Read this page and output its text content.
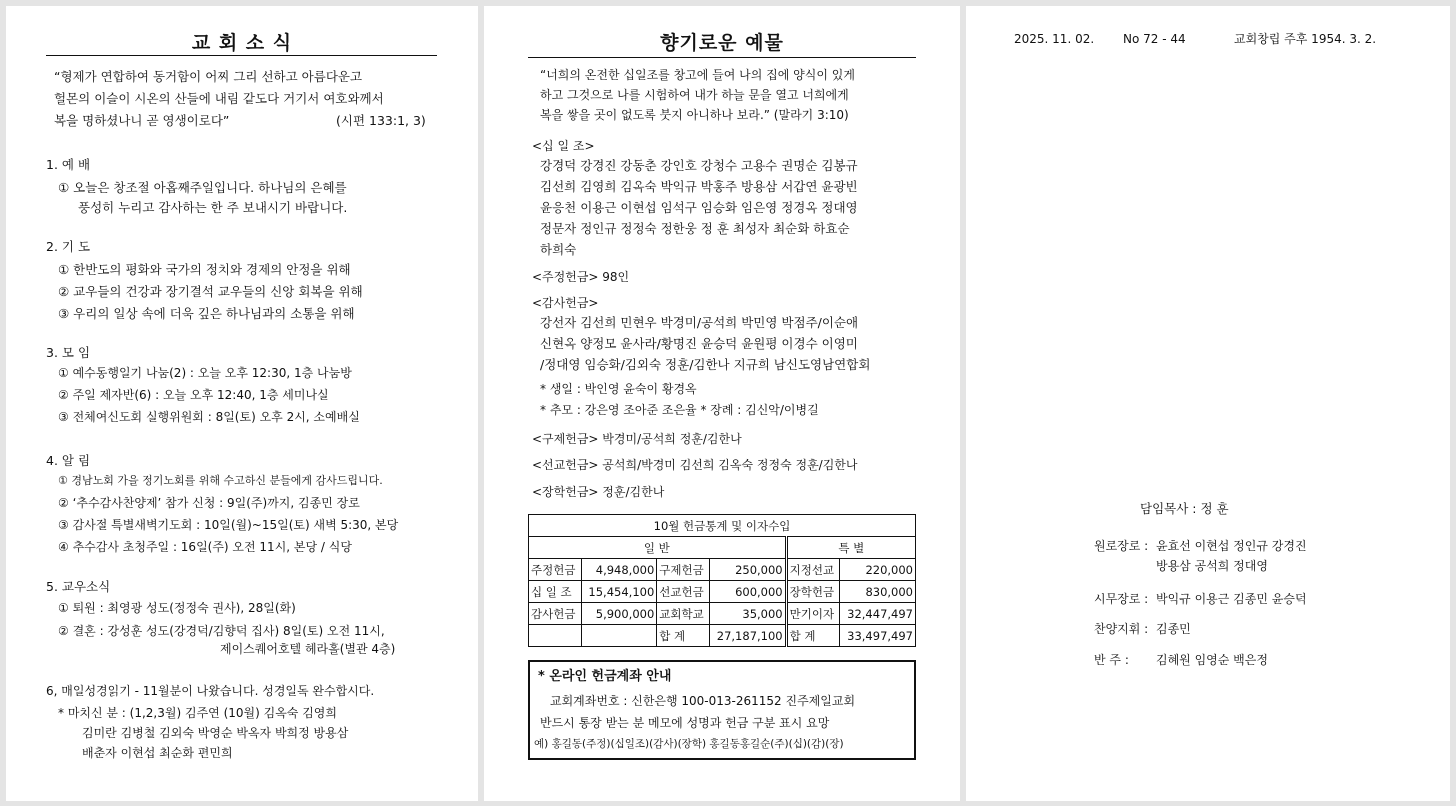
교 회 소 식
“형제가 연합하여 동거함이 어찌 그리 선하고 아름다운고
헐몬의 이슬이 시온의 산들에 내림 같도다 거기서 여호와께서
복을 명하셨나니 곧 영생이로다”	(시편 133:1, 3)
1. 예 배
① 오늘은 창조절 아홉째주일입니다. 하나님의 은혜를
풍성히 누리고 감사하는 한 주 보내시기 바랍니다.
2. 기 도
① 한반도의 평화와 국가의 정치와 경제의 안정을 위해
② 교우들의 건강과 장기결석 교우들의 신앙 회복을 위해
③ 우리의 일상 속에 더욱 깊은 하나님과의 소통을 위해
3. 모 임
① 예수동행일기 나눔(2) : 오늘 오후 12:30, 1층 나눔방
② 주일 제자반(6) : 오늘 오후 12:40, 1층 세미나실
③ 전체여신도회 실행위원회 : 8일(토) 오후 2시, 소예배실
4. 알 림
① 경남노회 가을 정기노회를 위해 수고하신 분들에게 감사드립니다.
② ‘추수감사찬양제’ 참가 신청 : 9일(주)까지, 김종민 장로
③ 감사절 특별새벽기도회 : 10일(월)~15일(토) 새벽 5:30, 본당
④ 추수감사 초청주일 : 16일(주) 오전 11시, 본당 / 식당
5. 교우소식
① 퇴원 : 최영광 성도(정정숙 권사), 28일(화)
② 결혼 : 강성훈 성도(강경덕/김향덕 집사) 8일(토) 오전 11시,
제이스퀘어호텔 헤라홀(별관 4층)
6, 매일성경읽기 - 11월분이 나왔습니다. 성경일독 완수합시다.
* 마치신 분 : (1,2,3월) 김주연 (10월) 김옥숙 김영희
김미란 김병철 김외숙 박영순 박옥자 박희정 방용삼
배춘자 이현섭 최순화 편민희
향기로운 예물
“너희의 온전한 십일조를 창고에 들여 나의 집에 양식이 있게
하고 그것으로 나를 시험하여 내가 하늘 문을 열고 너희에게
복을 쌓을 곳이 없도록 붓지 아니하나 보라.” (말라기 3:10)
<십 일 조>
강경덕 강경진 강동춘 강인호 강청수 고용수 권명순 김봉규
김선희 김영희 김옥숙 박익규 박홍주 방용삼 서갑연 윤광빈
윤응천 이용근 이현섭 임석구 임승화 임은영 정경옥 정대영
정문자 정인규 정정숙 정한웅 정 훈 최성자 최순화 하효순
하희숙
<주정헌금> 98인
<감사헌금>
강선자 김선희 민현우 박경미/공석희 박민영 박점주/이순애
신현옥 양정모 윤사라/황명진 윤승덕 윤원평 이경수 이영미
/정대영 임승화/김외숙 정훈/김한나 지규희 남신도영남연합회
* 생일 : 박인영 윤숙이 황경옥
* 추모 : 강은영 조아준 조은율 * 장례 : 김신악/이병길
<구제헌금> 박경미/공석희 정훈/김한나
<선교헌금> 공석희/박경미 김선희 김옥숙 정정숙 정훈/김한나
<장학헌금> 정훈/김한나
10월 헌금통계 및 이자수입					
일 반				특 별	
주정헌금	4,948,000	구제헌금	250,000	지정선교	220,000
십 일 조	15,454,100	선교헌금	600,000	장학헌금	830,000
감사헌금	5,900,000	교회학교	35,000	만기이자	32,447,497
		합 계	27,187,100	합 계	33,497,497
* 온라인 헌금계좌 안내
교회계좌번호 : 신한은행 100-013-261152 진주제일교회
반드시 통장 받는 분 메모에 성명과 헌금 구분 표시 요망
예) 홍길동(주정)(십일조)(감사)(장학) 홍길동홍길순(주)(십)(감)(장)
2025. 11. 02. No 72 - 44	교회창립 주후 1954. 3. 2.
담임목사 : 정 훈
원로장로 : 윤효선 이현섭 정인규 강경진
방용삼 공석희 정대영
시무장로 : 박익규 이용근 김종민 윤승덕
찬양지휘 : 김종민
반 주 : 김혜원 임영순 백은정
